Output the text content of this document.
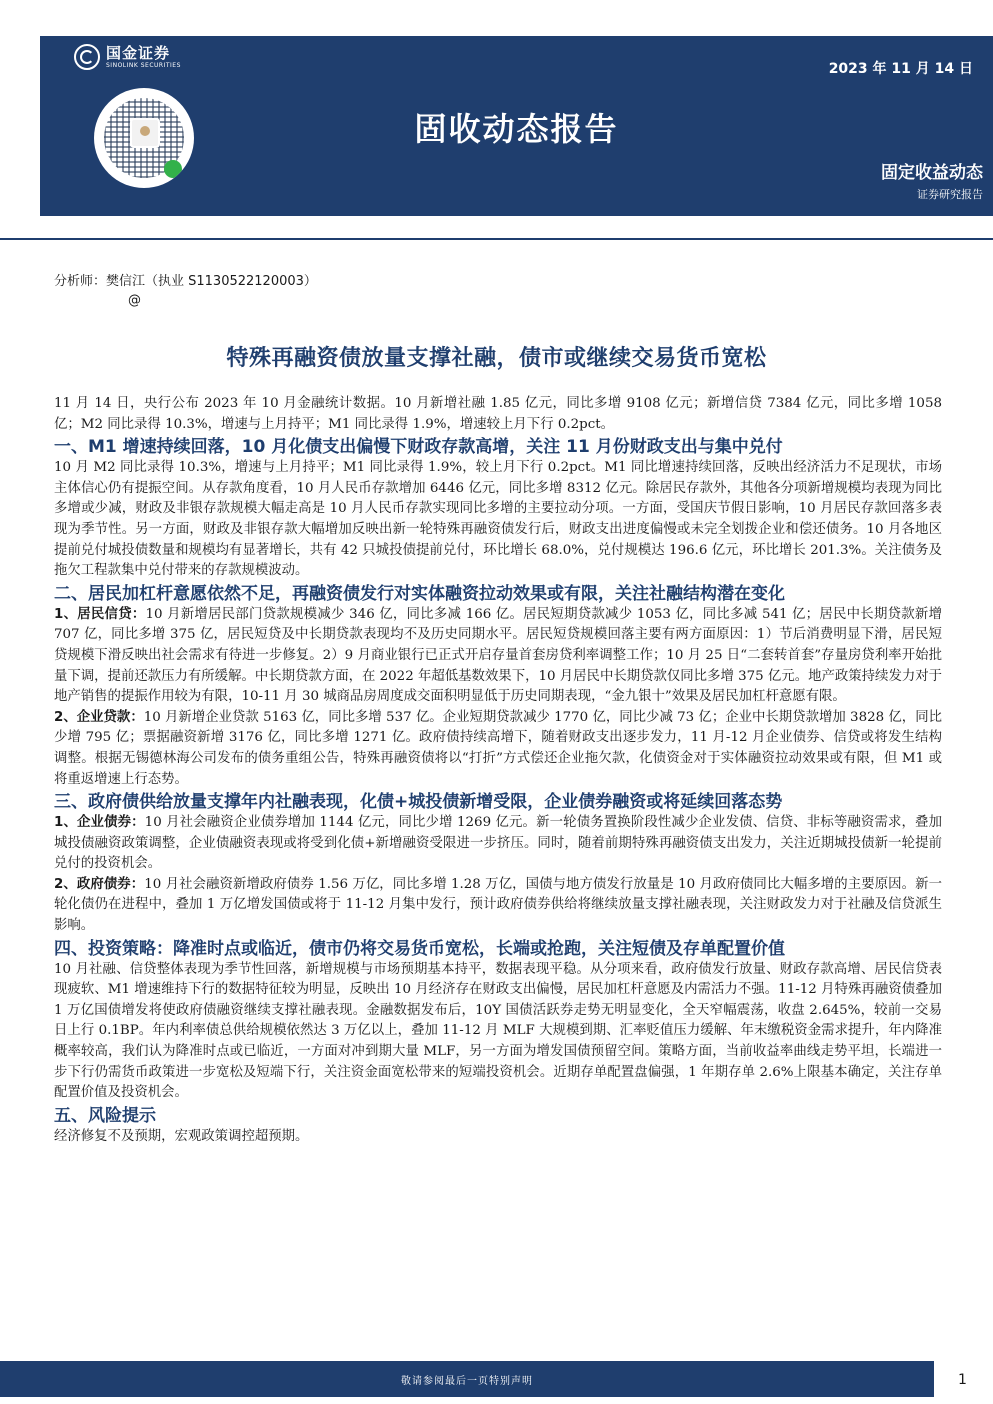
国金证券
SINOLINK SECURITIES	2023 年 11 月 14 日
固收动态报告
固定收益动态
证券研究报告
分析师：樊信江（执业 S1130522120003）
@
特殊再融资债放量支撑社融，债市或继续交易货币宽松
11 月 14 日，央行公布 2023 年 10 月金融统计数据。10 月新增社融 1.85 亿元，同比多增 9108 亿元；新增信贷 7384 亿元，同比多增 1058 亿；M2 同比录得 10.3%，增速与上月持平；M1 同比录得 1.9%，增速较上月下行 0.2pct。
一、M1 增速持续回落，10 月化债支出偏慢下财政存款高增，关注 11 月份财政支出与集中兑付
10 月 M2 同比录得 10.3%，增速与上月持平；M1 同比录得 1.9%，较上月下行 0.2pct。M1 同比增速持续回落，反映出经济活力不足现状，市场主体信心仍有提振空间。从存款角度看，10 月人民币存款增加 6446 亿元，同比多增 8312 亿元。除居民存款外，其他各分项新增规模均表现为同比多增或少减，财政及非银存款规模大幅走高是 10 月人民币存款实现同比多增的主要拉动分项。一方面，受国庆节假日影响，10 月居民存款回落多表现为季节性。另一方面，财政及非银存款大幅增加反映出新一轮特殊再融资债发行后，财政支出进度偏慢或未完全划拨企业和偿还债务。10 月各地区提前兑付城投债数量和规模均有显著增长，共有 42 只城投债提前兑付，环比增长 68.0%，兑付规模达 196.6 亿元，环比增长 201.3%。关注债务及拖欠工程款集中兑付带来的存款规模波动。
二、居民加杠杆意愿依然不足，再融资债发行对实体融资拉动效果或有限，关注社融结构潜在变化
1、居民信贷：10 月新增居民部门贷款规模减少 346 亿，同比多减 166 亿。居民短期贷款减少 1053 亿，同比多减 541 亿；居民中长期贷款新增 707 亿，同比多增 375 亿，居民短贷及中长期贷款表现均不及历史同期水平。居民短贷规模回落主要有两方面原因：1）节后消费明显下滑，居民短贷规模下滑反映出社会需求有待进一步修复。2）9 月商业银行已正式开启存量首套房贷利率调整工作；10 月 25 日“二套转首套”存量房贷利率开始批量下调，提前还款压力有所缓解。中长期贷款方面，在 2022 年超低基数效果下，10 月居民中长期贷款仅同比多增 375 亿元。地产政策持续发力对于地产销售的提振作用较为有限，10-11 月 30 城商品房周度成交面积明显低于历史同期表现，“金九银十”效果及居民加杠杆意愿有限。
2、企业贷款：10 月新增企业贷款 5163 亿，同比多增 537 亿。企业短期贷款减少 1770 亿，同比少减 73 亿；企业中长期贷款增加 3828 亿，同比少增 795 亿；票据融资新增 3176 亿，同比多增 1271 亿。政府债持续高增下，随着财政支出逐步发力，11 月-12 月企业债券、信贷或将发生结构调整。根据无锡德林海公司发布的债务重组公告，特殊再融资债将以“打折”方式偿还企业拖欠款，化债资金对于实体融资拉动效果或有限，但 M1 或将重返增速上行态势。
三、政府债供给放量支撑年内社融表现，化债+城投债新增受限，企业债券融资或将延续回落态势
1、企业债券：10 月社会融资企业债券增加 1144 亿元，同比少增 1269 亿元。新一轮债务置换阶段性减少企业发债、信贷、非标等融资需求，叠加城投债融资政策调整，企业债融资表现或将受到化债+新增融资受限进一步挤压。同时，随着前期特殊再融资债支出发力，关注近期城投债新一轮提前兑付的投资机会。
2、政府债券：10 月社会融资新增政府债券 1.56 万亿，同比多增 1.28 万亿，国债与地方债发行放量是 10 月政府债同比大幅多增的主要原因。新一轮化债仍在进程中，叠加 1 万亿增发国债或将于 11-12 月集中发行，预计政府债券供给将继续放量支撑社融表现，关注财政发力对于社融及信贷派生影响。
四、投资策略：降准时点或临近，债市仍将交易货币宽松，长端或抢跑，关注短债及存单配置价值
10 月社融、信贷整体表现为季节性回落，新增规模与市场预期基本持平，数据表现平稳。从分项来看，政府债发行放量、财政存款高增、居民信贷表现疲软、M1 增速维持下行的数据特征较为明显，反映出 10 月经济存在财政支出偏慢，居民加杠杆意愿及内需活力不强。11-12 月特殊再融资债叠加 1 万亿国债增发将使政府债融资继续支撑社融表现。金融数据发布后，10Y 国债活跃券走势无明显变化，全天窄幅震荡，收盘 2.645%，较前一交易日上行 0.1BP。年内利率债总供给规模依然达 3 万亿以上，叠加 11-12 月 MLF 大规模到期、汇率贬值压力缓解、年末缴税资金需求提升，年内降准概率较高，我们认为降准时点或已临近，一方面对冲到期大量 MLF，另一方面为增发国债预留空间。策略方面，当前收益率曲线走势平坦，长端进一步下行仍需货币政策进一步宽松及短端下行，关注资金面宽松带来的短端投资机会。近期存单配置盘偏强，1 年期存单 2.6%上限基本确定，关注存单配置价值及投资机会。
五、风险提示
经济修复不及预期，宏观政策调控超预期。
敬请参阅最后一页特别声明	1
